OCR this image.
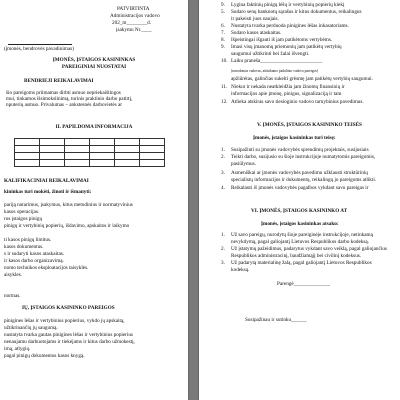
PATVIRTINTA
Administracijos vadovo
202_m________d.
įsakymu Nr.____
(įmonės, bendrovės pavadinimas)
ĮMONĖS, ĮSTAIGOS KASININKAS
PAREIGINIAI NUOSTATAI
BENDRIEJI REIKALAVIMAI
šio pareigoms priimamas dirbti asmuo nepriekaištingos
mui, tinkamos išsimokslinimą, turinis praktinio darbo patirtį,
nputerių asmuo. Privalumas – ankstesnės darbovietės ar
II. PAPILDOMA INFORMACIJA

KALIFIKACINIAI REIKALAVIMAI
kininkas turi mokėti, žinoti ir išmanyti:
pariją nutarimus, įsakymus, kitus metodinius ir normatyvinius
kasos operacijas.
ros įstaigos pinigų
pinigų ir vertybinių popierių, išdavimo, apskaitos ir laikymo
ti kasos pinigų limitus.
kasos dokumentus.
s ir sudaryti kasos ataskaitas.
ir kasos darbo organizavimą.
nomo technikos eksploatacijos taisyklės.
aisykles.
normas.
IŲ, ĮSTAIGOS KASININKO PAREIGOS
pinigines lėšas ir vertybinius popierius, vykdo jų apskaitą,
užtikrinančių jų saugumą.
nustatyta tvarka gautas pinigines lėšas ir vertybinius popierius
nenaujamu darbuotojams ir tiekėjams ir kitus darbo užmokestį,
irną, atlygių.
pagal pinigų dokumentus kasos knygą.
9. Lygina faktinių pinigų lėšų ir vertybinių popierių kiekį
5. Sudaro senų banknotų sąrašus ir kitus dokumentus, reikalingus
ir pakeisti juos naujais.
6. Nustatyta tvarka perduoda pinigines lėšas inkasatoriams.
7. Sudaro kasos ataskaitas.
8. Išpeistingai išgauti iš jam patikėtoms vertybėms.
9. Imasi visų įmanomų priemonių jam patikėtų vertybių
saugumui užtikrinti bei žalai išvengti.
10. Laiku praneša________________________
(nurodomas vadovas, atitinkamo padalinio vadovo pareigos)
apžiūrėtas, galinčias sukelti grėsmę jam patikėtų vertybių saugumui.
11. Niekur ir nekada neatkleidžia jam žinomų finansinių ir
informacijos apie įmonę, pinigus, signalizaciją ir tam
12. Atlieka atskiras savo tiesioginio vadovo tarnybinius pavedimus.
V. ĮMONĖS, ĮSTAIGOS KASININKO TEISĖS
Įmonės, įstaigos kasininkas turi teisę:
1. Susipažinti su įmonės vadovybės sprendimų projektais, susijusiais
2. Teikti darbo, susijusio su šioje instrukcijoje numatytomis pareigomis,
pasiūlymus.
3. Asmeniškai ar įmonės vadovybės pavedimu užklausti struktūrinių
specialistų informacijos ir dokumentų, reikalingų jo pareigoms atlikti.
4. Reikalauti iš įmonės vadovybės pagalbos vykdant savo pareigas ir
VI. ĮMONĖS, ĮSTAIGOS KASININKO AT
Įmonės, įstaigos kasininkas atsako:
1. Už savo pareigų, nurodytų šioje pareiginėje instrukcijoje, netinkamą
nevykdymą, pagal galiojantį Lietuvos Respublikos darbo kodeksą.
2. Už įstatymų pažeidimus, padarytus vykdant savo veiklą, pagal galiojančius
Respublikos administracinį, baudžiamąjį bei civilinį kodeksus.
3. Už padarytą materialinę žalą, pagal galiojantį Lietuvos Respublikos
kodeksą.
Parengė______________
Susipažinau ir sutinku______
